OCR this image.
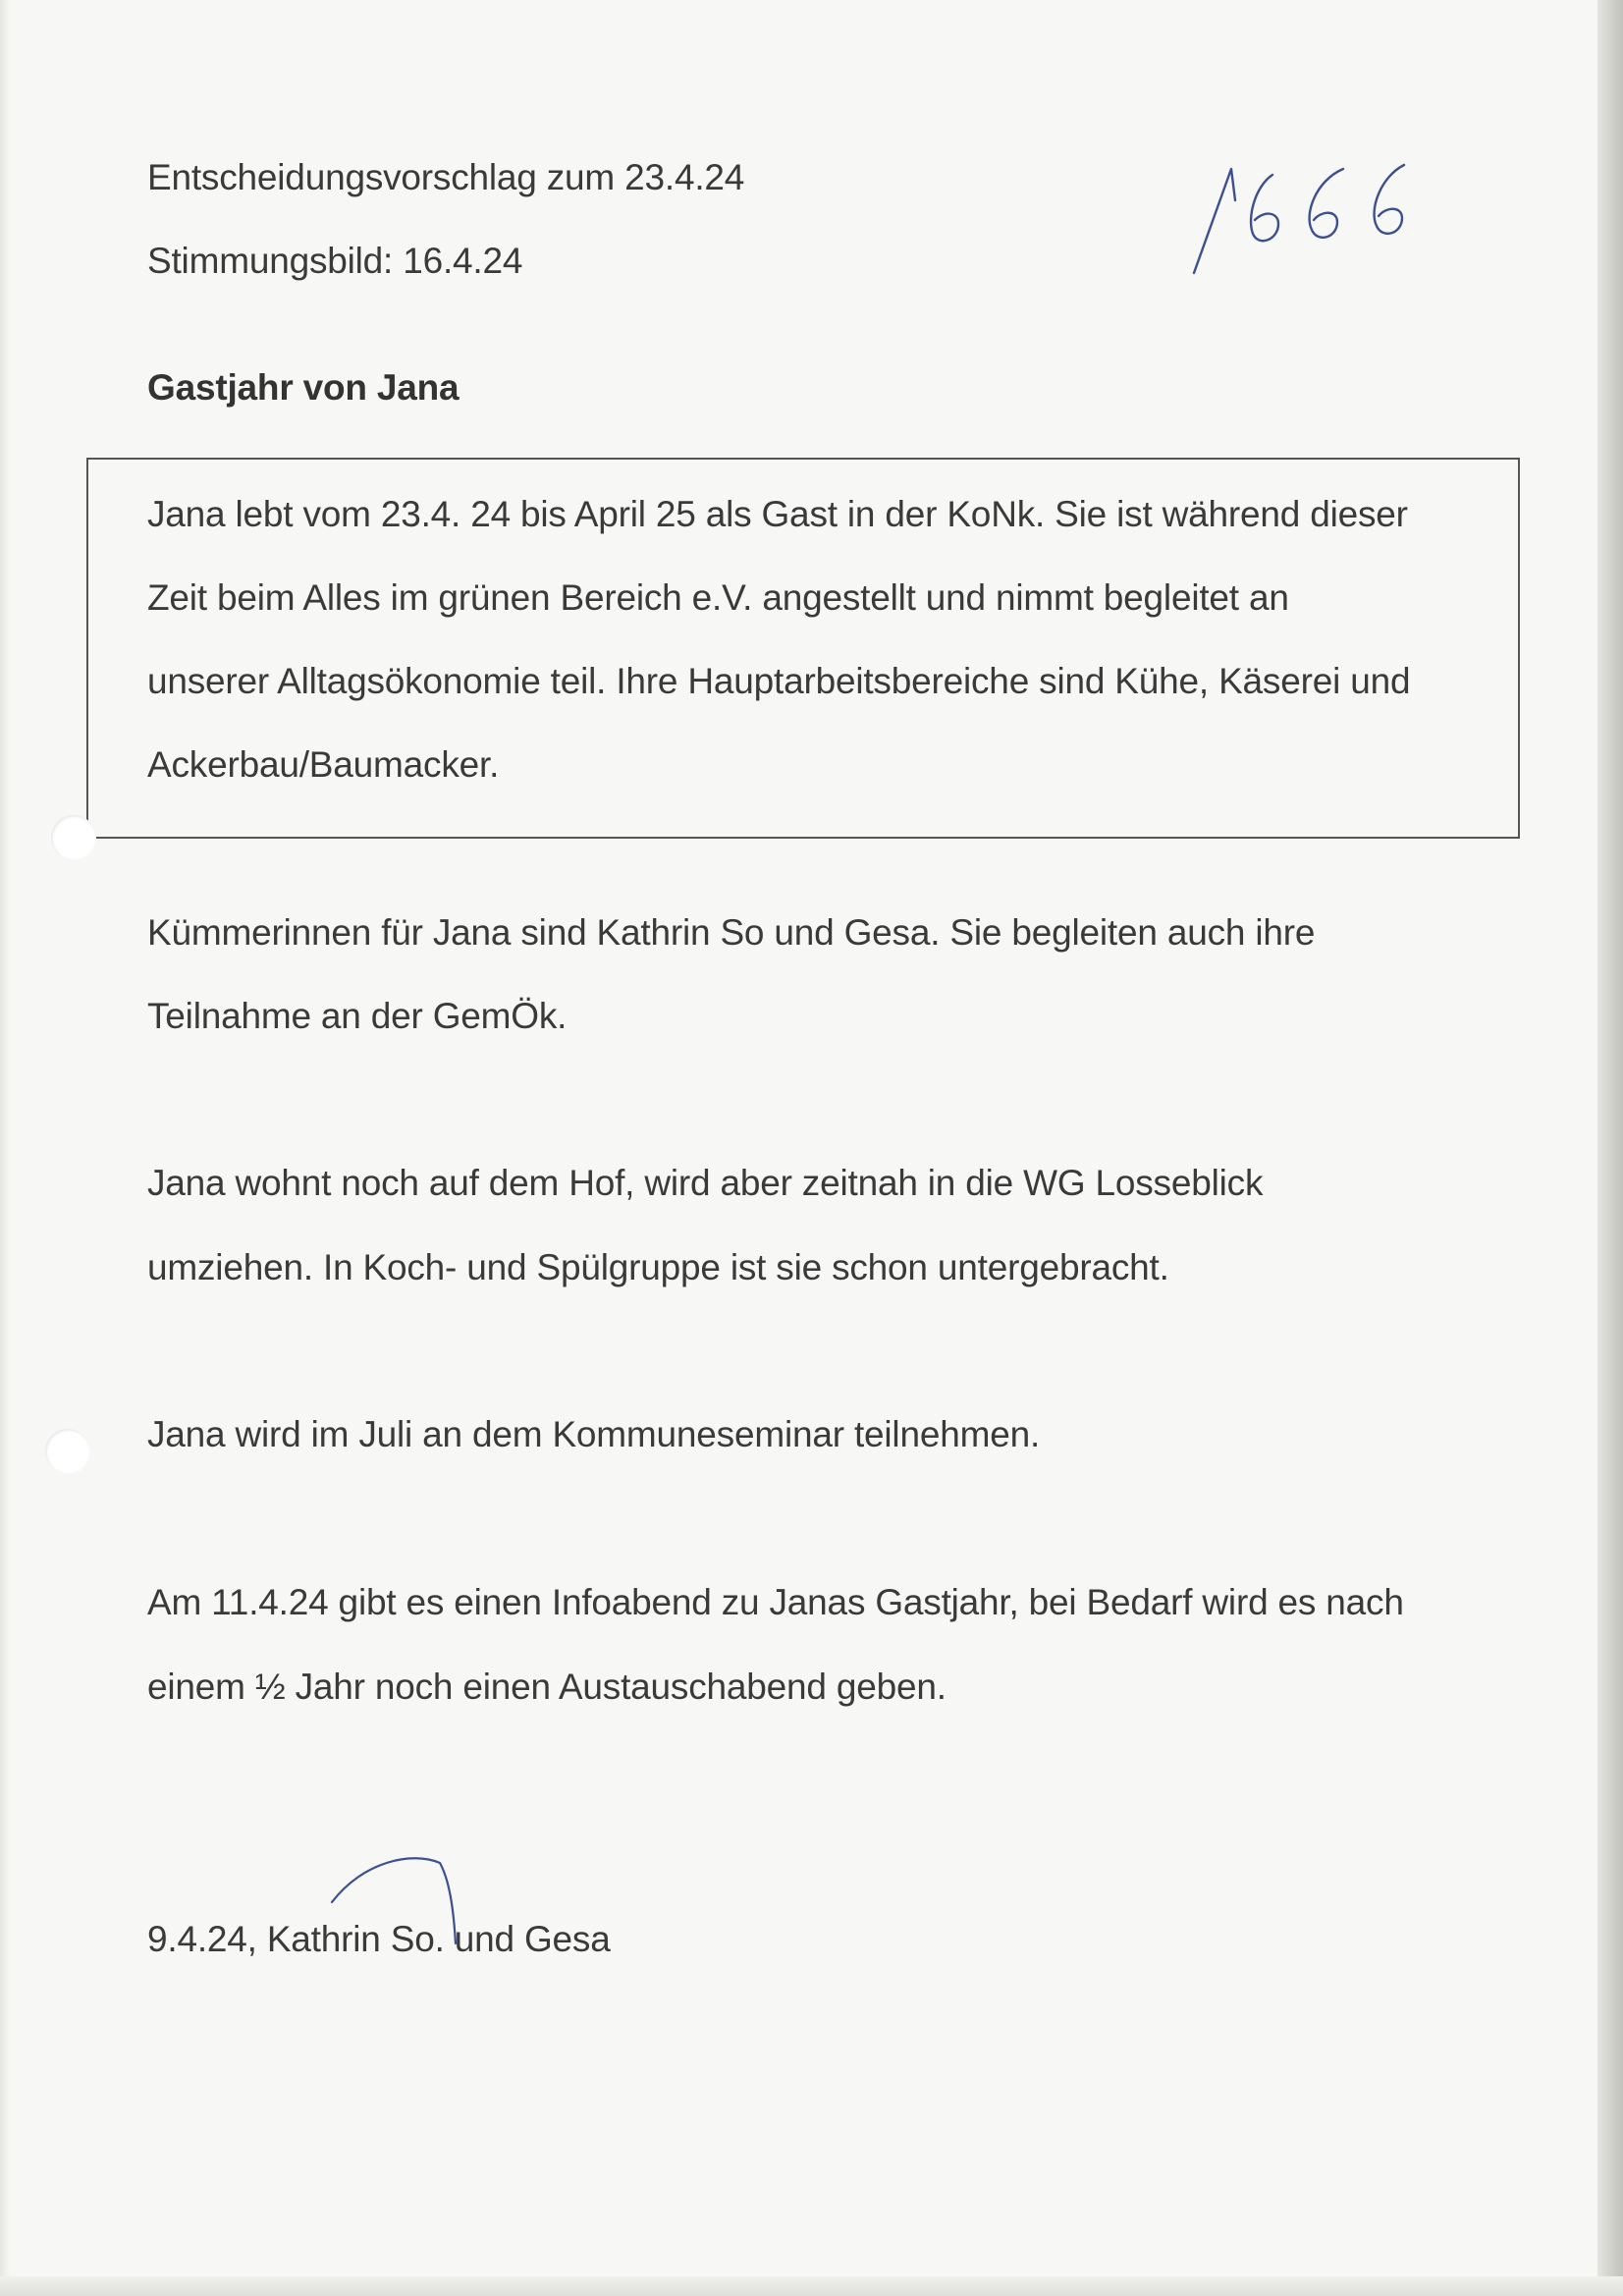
Entscheidungsvorschlag zum 23.4.24
Stimmungsbild: 16.4.24
Gastjahr von Jana
Jana lebt vom 23.4. 24 bis April 25 als Gast in der KoNk. Sie ist während dieser
Zeit beim Alles im grünen Bereich e.V. angestellt und nimmt begleitet an
unserer Alltagsökonomie teil. Ihre Hauptarbeitsbereiche sind Kühe, Käserei und
Ackerbau/Baumacker.
Kümmerinnen für Jana sind Kathrin So und Gesa. Sie begleiten auch ihre
Teilnahme an der GemÖk.
Jana wohnt noch auf dem Hof, wird aber zeitnah in die WG Losseblick
umziehen. In Koch- und Spülgruppe ist sie schon untergebracht.
Jana wird im Juli an dem Kommuneseminar teilnehmen.
Am 11.4.24 gibt es einen Infoabend zu Janas Gastjahr, bei Bedarf wird es nach
einem ½ Jahr noch einen Austauschabend geben.
9.4.24, Kathrin So. und Gesa
